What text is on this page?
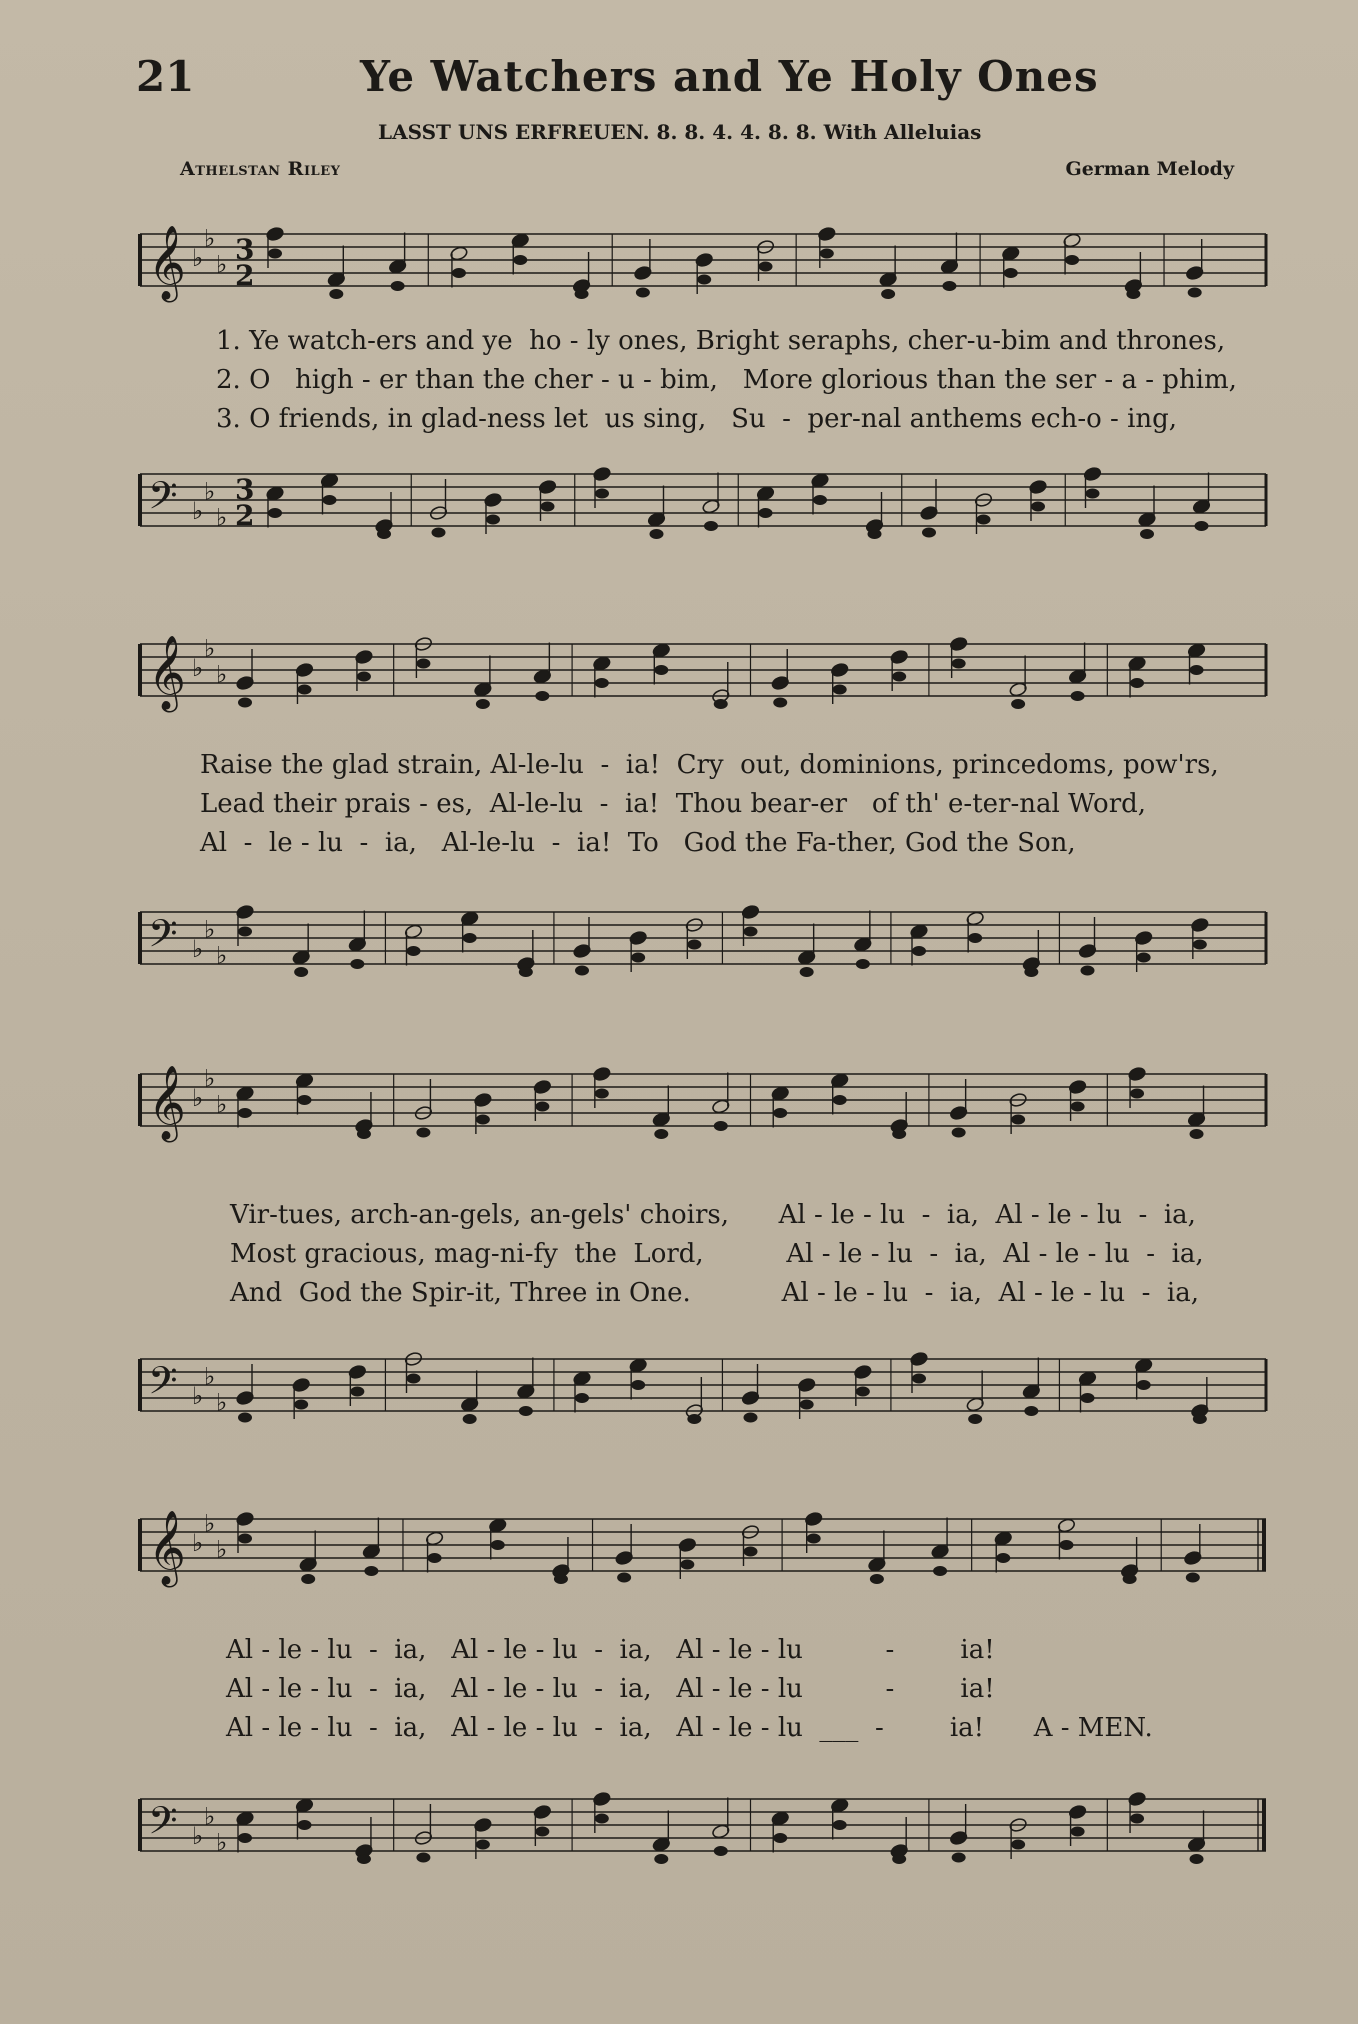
21	Ye Watchers and Ye Holy Ones
LASST UNS ERFREUEN. 8. 8. 4. 4. 8. 8. With Alleluias
Athelstan Riley	German Melody
𝄞 ♭
♭
♭ 3
2
1. Ye watch-ers and ye  ho - ly ones, Bright seraphs, cher-u-bim and thrones,
2. O   high - er than the cher - u - bim,   More glorious than the ser - a - phim,
3. O friends, in glad-ness let  us sing,   Su  -  per-nal anthems ech-o - ing,
𝄢 ♭
♭
♭
3
2
𝄞 ♭
♭
♭
Raise the glad strain, Al-le-lu  -  ia!  Cry  out, dominions, princedoms, pow'rs,
Lead their prais - es,  Al-le-lu  -  ia!  Thou bear-er   of th' e-ter-nal Word,
Al  -  le - lu  -  ia,   Al-le-lu  -  ia!  To   God the Fa-ther, God the Son,
𝄢 ♭
♭
♭
𝄞 ♭
♭
♭
Vir-tues, arch-an-gels, an-gels' choirs,      Al - le - lu  -  ia,  Al - le - lu  -  ia,
Most gracious, mag-ni-fy  the  Lord,          Al - le - lu  -  ia,  Al - le - lu  -  ia,
And  God the Spir-it, Three in One.           Al - le - lu  -  ia,  Al - le - lu  -  ia,
𝄢 ♭
♭
♭
𝄞 ♭
♭
♭
Al - le - lu  -  ia,   Al - le - lu  -  ia,   Al - le - lu          -        ia!
Al - le - lu  -  ia,   Al - le - lu  -  ia,   Al - le - lu          -        ia!
Al - le - lu  -  ia,   Al - le - lu  -  ia,   Al - le - lu  ___  -        ia!      A - MEN.
𝄢 ♭
♭
♭
